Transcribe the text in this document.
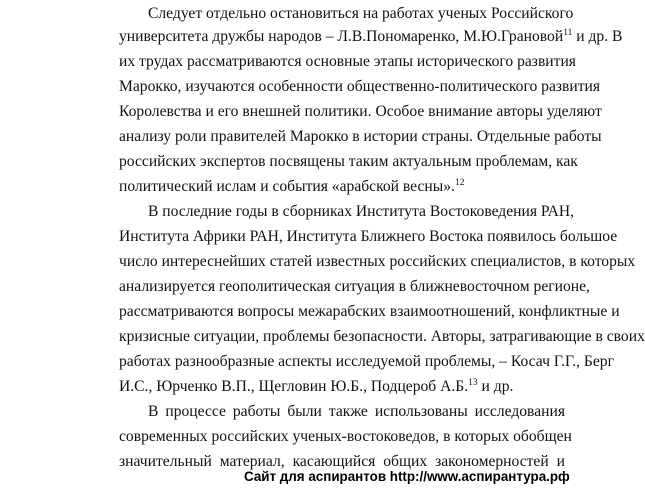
Следует отдельно остановиться на работах ученых Российского
университета дружбы народов – Л.В.Пономаренко, М.Ю.Грановой$^{11}$ и др. В
их трудах рассматриваются основные этапы исторического развития
Марокко, изучаются особенности общественно-политического развития
Королевства и его внешней политики. Особое внимание авторы уделяют
анализу роли правителей Марокко в истории страны. Отдельные работы
российских экспертов посвящены таким актуальным проблемам, как
политический ислам и события «арабской весны».$^{12}$
В последние годы в сборниках Института Востоковедения РАН,
Института Африки РАН, Института Ближнего Востока появилось большое
число интереснейших статей известных российских специалистов, в которых
анализируется геополитическая ситуация в ближневосточном регионе,
рассматриваются вопросы межарабских взаимоотношений, конфликтные и
кризисные ситуации, проблемы безопасности. Авторы, затрагивающие в своих
работах разнообразные аспекты исследуемой проблемы, – Косач Г.Г., Берг
И.С., Юрченко В.П., Щегловин Ю.Б., Подцероб А.Б.$^{13}$ и др.
В процессе работы были также использованы исследования
современных российских ученых-востоковедов, в которых обобщен
значительный материал, касающийся общих закономерностей и
Сайт для аспирантов http://www.аспирантура.рф
